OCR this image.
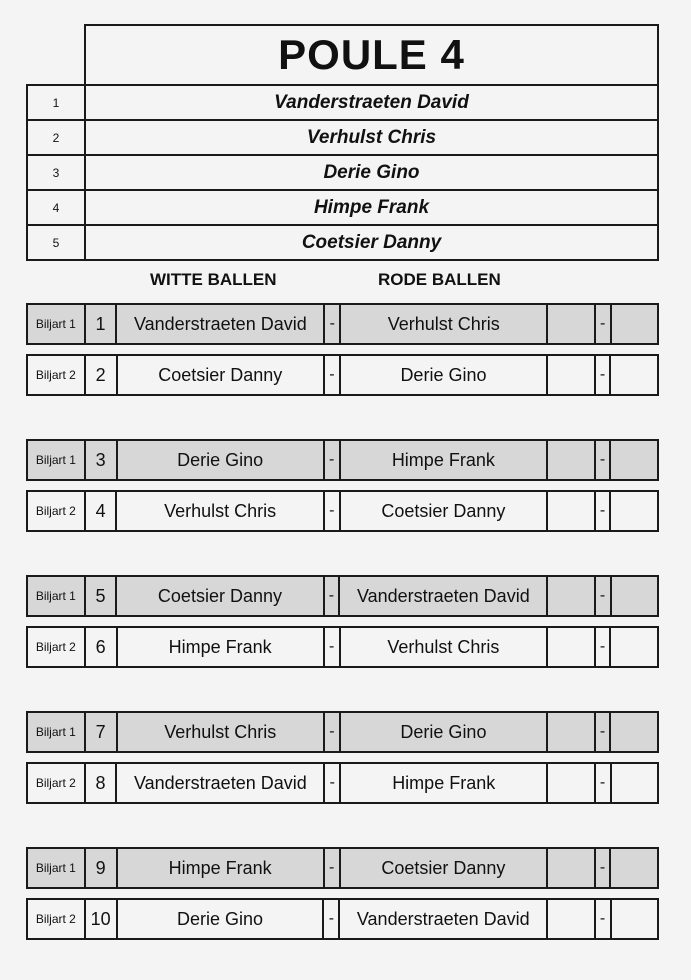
	POULE 4
1	Vanderstraeten David
2	Verhulst Chris
3	Derie Gino
4	Himpe Frank
5	Coetsier Danny
WITTE BALLEN	RODE BALLEN
Biljart 1	1	Vanderstraeten David	-	Verhulst Chris		-	
Biljart 2	2	Coetsier Danny	-	Derie Gino		-	
Biljart 1	3	Derie Gino	-	Himpe Frank		-	
Biljart 2	4	Verhulst Chris	-	Coetsier Danny		-	
Biljart 1	5	Coetsier Danny	-	Vanderstraeten David		-	
Biljart 2	6	Himpe Frank	-	Verhulst Chris		-	
Biljart 1	7	Verhulst Chris	-	Derie Gino		-	
Biljart 2	8	Vanderstraeten David	-	Himpe Frank		-	
Biljart 1	9	Himpe Frank	-	Coetsier Danny		-	
Biljart 2	10	Derie Gino	-	Vanderstraeten David		-	
